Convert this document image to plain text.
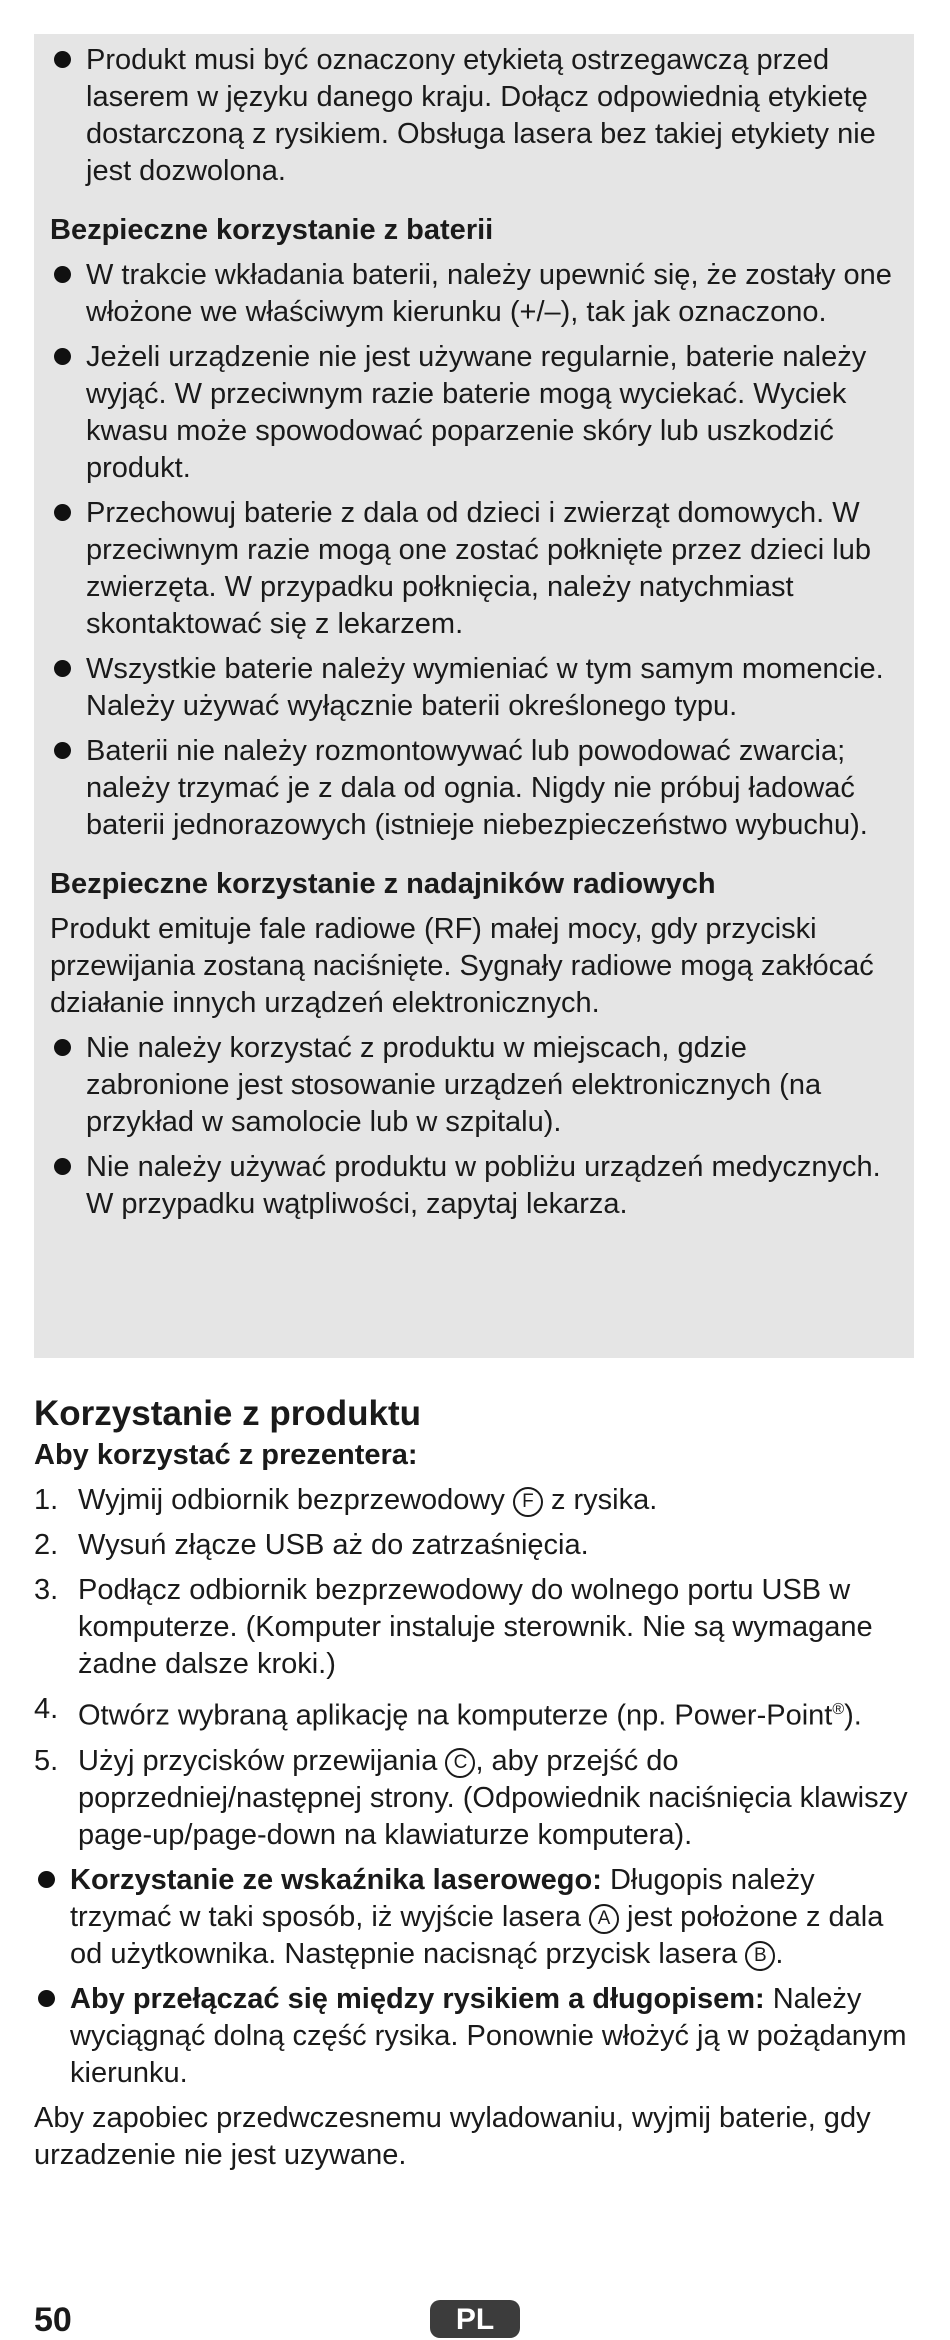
Produkt musi być oznaczony etykietą ostrzegawczą przed laserem w języku danego kraju. Dołącz odpowiednią etykietę dostarczoną z rysikiem. Obsługa lasera bez takiej etykiety nie jest dozwolona.
Bezpieczne korzystanie z baterii
W trakcie wkładania baterii, należy upewnić się, że zostały one włożone we właściwym kierunku (+/–), tak jak oznaczono.
Jeżeli urządzenie nie jest używane regularnie, baterie należy wyjąć. W przeciwnym razie baterie mogą wyciekać. Wyciek kwasu może spowodować poparzenie skóry lub uszkodzić produkt.
Przechowuj baterie z dala od dzieci i zwierząt domowych. W przeciwnym razie mogą one zostać połknięte przez dzieci lub zwierzęta. W przypadku połknięcia, należy natychmiast skontaktować się z lekarzem.
Wszystkie baterie należy wymieniać w tym samym momencie. Należy używać wyłącznie baterii określonego typu.
Baterii nie należy rozmontowywać lub powodować zwarcia; należy trzymać je z dala od ognia. Nigdy nie próbuj ładować baterii jednorazowych (istnieje niebezpieczeństwo wybuchu).
Bezpieczne korzystanie z nadajników radiowych

Produkt emituje fale radiowe (RF) małej mocy, gdy przyciski przewijania zostaną naciśnięte. Sygnały radiowe mogą zakłócać działanie innych urządzeń elektronicznych.

Nie należy korzystać z produktu w miejscach, gdzie zabronione jest stosowanie urządzeń elektronicznych (na przykład w samolocie lub w szpitalu).
Nie należy używać produktu w pobliżu urządzeń medycznych. W przypadku wątpliwości, zapytaj lekarza.
Korzystanie z produktu
Aby korzystać z prezentera:
1. Wyjmij odbiornik bezprzewodowy F z rysika.
2. Wysuń złącze USB aż do zatrzaśnięcia.
3. Podłącz odbiornik bezprzewodowy do wolnego portu USB w komputerze. (Komputer instaluje sterownik. Nie są wymagane żadne dalsze kroki.)
4. Otwórz wybraną aplikację na komputerze (np. Power-Point®).
5. Użyj przycisków przewijania C , aby przejść do poprzedniej/następnej strony. (Odpowiednik naciśnięcia klawiszy page-up/page-down na klawiaturze komputera).
Korzystanie ze wskaźnika laserowego: Długopis należy trzymać w taki sposób, iż wyjście lasera A jest położone z dala od użytkownika. Następnie nacisnąć przycisk lasera B .
Aby przełączać się między rysikiem a długopisem: Należy wyciągnąć dolną część rysika. Ponownie włożyć ją w pożądanym kierunku.

Aby zapobiec przedwczesnemu wyladowaniu, wyjmij baterie, gdy urzadzenie nie jest uzywane.

50	PL
